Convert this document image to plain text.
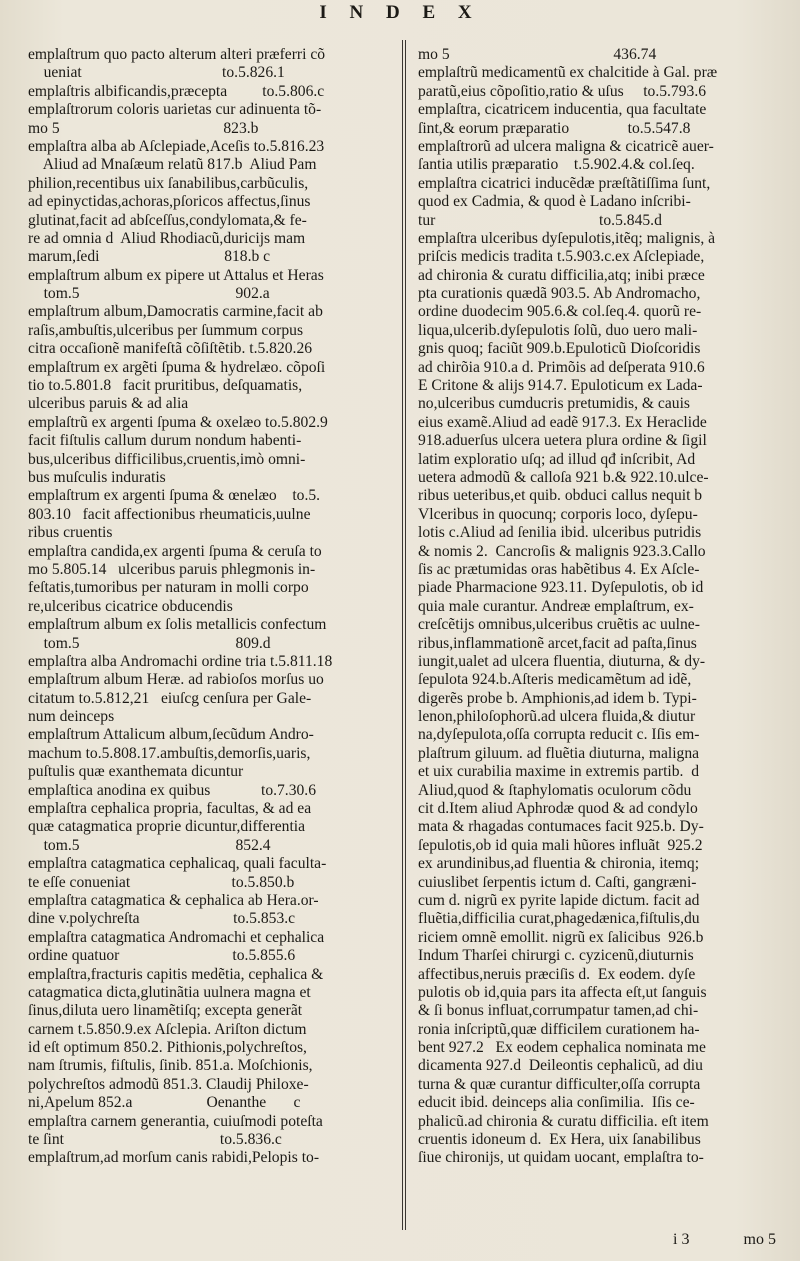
I N D E X
emplaſtrum quo pacto alterum alteri præferri cõ
ueniat                                    to.5.826.1
emplaſtris albificandis,præcepta         to.5.806.c
emplaſtrorum coloris uarietas cur adinuenta tõ-
mo 5                                          823.b
emplaſtra alba ab Aſclepiade,Aceſis to.5.816.23
Aliud ad Mnaſæum relatũ 817.b  Aliud Pam
philion,recentibus uix ſanabilibus,carbũculis,
ad epinyctidas,achoras,pſoricos affectus,ſinus
glutinat,facit ad abſceſſus,condylomata,& fe-
re ad omnia d  Aliud Rhodiacũ,duricijs mam
marum,ſedi                                818.b c
emplaſtrum album ex pipere ut Attalus et Heras
tom.5                                        902.a
emplaſtrum album,Damocratis carmine,facit ab
raſis,ambuſtis,ulceribus per ſummum corpus
citra occaſionẽ manifeſtã cõſiſtẽtib. t.5.820.26
emplaſtrum ex argẽti ſpuma & hydrelæo. cõpoſi
tio to.5.801.8   facit pruritibus, deſquamatis,
ulceribus paruis & ad alia
emplaſtrũ ex argenti ſpuma & oxelæo to.5.802.9
facit fiſtulis callum durum nondum habenti-
bus,ulceribus difficilibus,cruentis,imò omni-
bus muſculis induratis
emplaſtrum ex argenti ſpuma & œnelæo    to.5.
803.10   facit affectionibus rheumaticis,uulne
ribus cruentis
emplaſtra candida,ex argenti ſpuma & ceruſa to
mo 5.805.14   ulceribus paruis phlegmonis in-
feſtatis,tumoribus per naturam in molli corpo
re,ulceribus cicatrice obducendis
emplaſtrum album ex ſolis metallicis confectum
tom.5                                        809.d
emplaſtra alba Andromachi ordine tria t.5.811.18
emplaſtrum album Heræ. ad rabioſos morſus uo
citatum to.5.812,21   eiuſcg cenſura per Gale-
num deinceps
emplaſtrum Attalicum album,ſecũdum Andro-
machum to.5.808.17.ambuſtis,demorſis,uaris,
puſtulis quæ exanthemata dicuntur
emplaſtica anodina ex quibus             to.7.30.6
emplaſtra cephalica propria, facultas, & ad ea
quæ catagmatica proprie dicuntur,differentia
tom.5                                        852.4
emplaſtra catagmatica cephalicaq, quali faculta-
te eſſe conueniat                          to.5.850.b
emplaſtra catagmatica & cephalica ab Hera.or-
dine v.polychreſta                        to.5.853.c
emplaſtra catagmatica Andromachi et cephalica
ordine quatuor                             to.5.855.6
emplaſtra,fracturis capitis medẽtia, cephalica &
catagmatica dicta,glutinãtia uulnera magna et
ſinus,diluta uero linamẽtiſq; excepta generãt
carnem t.5.850.9.ex Aſclepia. Ariſton dictum
id eſt optimum 850.2. Pithionis,polychreſtos,
nam ſtrumis, fiſtulis, ſinib. 851.a. Moſchionis,
polychreſtos admodũ 851.3. Claudij Philoxe-
ni,Apelum 852.a                   Oenanthe       c
emplaſtra carnem generantia, cuiuſmodi poteſta
te ſint                                        to.5.836.c
emplaſtrum,ad morſum canis rabidi,Pelopis to-
mo 5                                          436.74
emplaſtrũ medicamentũ ex chalcitide à Gal. præ
paratũ,eius cõpoſitio,ratio & uſus     to.5.793.6
emplaſtra, cicatricem inducentia, qua facultate
ſint,& eorum præparatio               to.5.547.8
emplaſtrorũ ad ulcera maligna & cicatricẽ auer-
ſantia utilis præparatio    t.5.902.4.& col.ſeq.
emplaſtra cicatrici inducẽdæ præſtãtiſſima ſunt,
quod ex Cadmia, & quod è Ladano inſcribi-
tur                                          to.5.845.d
emplaſtra ulceribus dyſepulotis,itẽq; malignis, à
priſcis medicis tradita t.5.903.c.ex Aſclepiade,
ad chironia & curatu difficilia,atq; inibi præce
pta curationis quædã 903.5. Ab Andromacho,
ordine duodecim 905.6.& col.ſeq.4. quorũ re-
liqua,ulcerib.dyſepulotis ſolũ, duo uero mali-
gnis quoq; faciũt 909.b.Epuloticũ Dioſcoridis
ad chirõia 910.a d. Primõis ad deſperata 910.6
E Critone & alijs 914.7. Epuloticum ex Lada-
no,ulceribus cumducris pretumidis, & cauis
eius examẽ.Aliud ad eadẽ 917.3. Ex Heraclide
918.aduerſus ulcera uetera plura ordine & ſigil
latim exploratio uſq; ad illud qđ inſcribit, Ad
uetera admodũ & calloſa 921 b.& 922.10.ulce-
ribus ueteribus,et quib. obduci callus nequit b
Vlceribus in quocunq; corporis loco, dyſepu-
lotis c.Aliud ad ſenilia ibid. ulceribus putridis
& nomis 2.  Cancroſis & malignis 923.3.Callo
ſis ac prætumidas oras habẽtibus 4. Ex Aſcle-
piade Pharmacione 923.11. Dyſepulotis, ob id
quia male curantur. Andreæ emplaſtrum, ex-
creſcẽtijs omnibus,ulceribus cruẽtis ac uulne-
ribus,inflammationẽ arcet,facit ad paſta,ſinus
iungit,ualet ad ulcera fluentia, diuturna, & dy-
ſepulota 924.b.Aſteris medicamẽtum ad idẽ,
digerẽs probe b. Amphionis,ad idem b. Typi-
lenon,philoſophorũ.ad ulcera fluida,& diutur
na,dyſepulota,oſſa corrupta reducit c. Iſis em-
plaſtrum giluum. ad fluẽtia diuturna, maligna
et uix curabilia maxime in extremis partib.  d
Aliud,quod & ſtaphylomatis oculorum cõdu
cit d.Item aliud Aphrodæ quod & ad condylo
mata & rhagadas contumaces facit 925.b. Dy-
ſepulotis,ob id quia mali hũores influãt  925.2
ex arundinibus,ad fluentia & chironia, itemq;
cuiuslibet ſerpentis ictum d. Caſti, gangræni-
cum d. nigrũ ex pyrite lapide dictum. facit ad
fluẽtia,difficilia curat,phagedænica,fiſtulis,du
riciem omnẽ emollit. nigrũ ex ſalicibus  926.b
Indum Tharſei chirurgi c. cyzicenũ,diuturnis
affectibus,neruis præciſis d.  Ex eodem. dyſe
pulotis ob id,quia pars ita affecta eſt,ut ſanguis
& ſi bonus influat,corrumpatur tamen,ad chi-
ronia inſcriptũ,quæ difficilem curationem ha-
bent 927.2   Ex eodem cephalica nominata me
dicamenta 927.d  Deileontis cephalicũ, ad diu
turna & quæ curantur difficulter,oſſa corrupta
educit ibid. deinceps alia conſimilia.  Iſis ce-
phalicũ.ad chironia & curatu difficilia. eſt item
cruentis idoneum d.  Ex Hera, uix ſanabilibus
ſiue chironijs, ut quidam uocant, emplaſtra to-
i 3	mo 5
